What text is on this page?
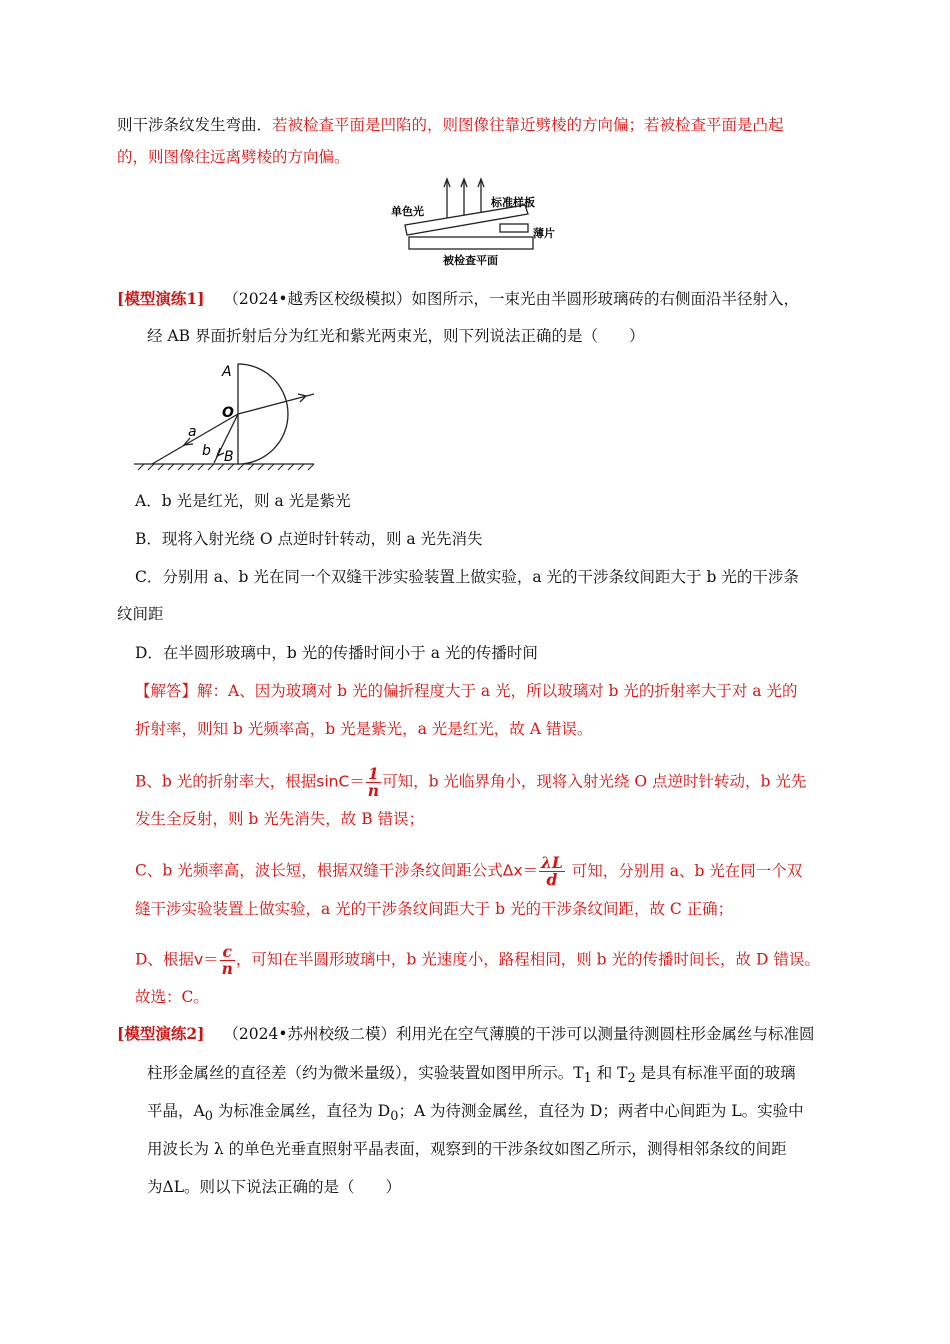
则干涉条纹发生弯曲．若被检查平面是凹陷的，则图像往靠近劈棱的方向偏；若被检查平面是凸起
的，则图像往远离劈棱的方向偏。
单色光
标准样板
薄片
被检查平面
[模型演练1] （2024•越秀区校级模拟）如图所示，一束光由半圆形玻璃砖的右侧面沿半径射入，
经 AB 界面折射后分为红光和紫光两束光，则下列说法正确的是（　　）
A
O
B
a
b
A．b 光是红光，则 a 光是紫光
B．现将入射光绕 O 点逆时针转动，则 a 光先消失
C．分别用 a、b 光在同一个双缝干涉实验装置上做实验，a 光的干涉条纹间距大于 b 光的干涉条
纹间距
D．在半圆形玻璃中，b 光的传播时间小于 a 光的传播时间
【解答】解：A、因为玻璃对 b 光的偏折程度大于 a 光，所以玻璃对 b 光的折射率大于对 a 光的
折射率，则知 b 光频率高，b 光是紫光，a 光是红光，故 A 错误。
B、b 光的折射率大，根据$\sin C= \frac{1}{n}$ 可知，b 光临界角小，现将入射光绕 O 点逆时针转动，b 光先
发生全反射，则 b 光先消失，故 B 错误；
C、b 光频率高，波长短，根据双缝干涉条纹间距公式$\Delta x= \frac{\lambda L}{d}$ 可知，分别用 a、b 光在同一个双
缝干涉实验装置上做实验，a 光的干涉条纹间距大于 b 光的干涉条纹间距，故 C 正确；
D、根据$v= \frac{c}{n}$ ，可知在半圆形玻璃中，b 光速度小，路程相同，则 b 光的传播时间长，故 D 错误。
故选：C。
[模型演练2] （2024•苏州校级二模）利用光在空气薄膜的干涉可以测量待测圆柱形金属丝与标准圆
柱形金属丝的直径差（约为微米量级），实验装置如图甲所示。$T_1$ 和 $T_2$ 是具有标准平面的玻璃
平晶，$A_0$ 为标准金属丝，直径为 $D_0$；A 为待测金属丝，直径为 D；两者中心间距为 L。实验中
用波长为 λ 的单色光垂直照射平晶表面，观察到的干涉条纹如图乙所示，测得相邻条纹的间距
为ΔL。则以下说法正确的是（　　）
